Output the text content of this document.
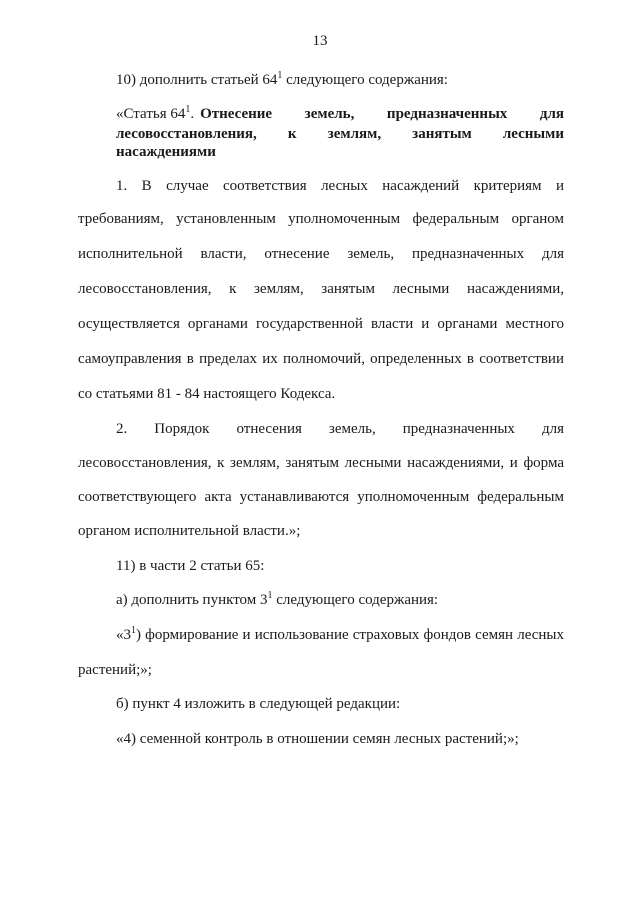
13
10) дополнить статьей $64^1$ следующего содержания:
«Статья $64^1$. Отнесение земель, предназначенных для
лесовосстановления, к землям, занятым лесными
насаждениями
1. В случае соответствия лесных насаждений критериям и
требованиям, установленным уполномоченным федеральным органом
исполнительной власти, отнесение земель, предназначенных для
лесовосстановления, к землям, занятым лесными насаждениями,
осуществляется органами государственной власти и органами местного
самоуправления в пределах их полномочий, определенных в соответствии
со статьями 81 - 84 настоящего Кодекса.
2. Порядок отнесения земель, предназначенных для
лесовосстановления, к землям, занятым лесными насаждениями, и форма
соответствующего акта устанавливаются уполномоченным федеральным
органом исполнительной власти.»;
11) в части 2 статьи 65:
а) дополнить пунктом $3^1$ следующего содержания:
«$3^1$) формирование и использование страховых фондов семян лесных
растений;»;
б) пункт 4 изложить в следующей редакции:
«4) семенной контроль в отношении семян лесных растений;»;
